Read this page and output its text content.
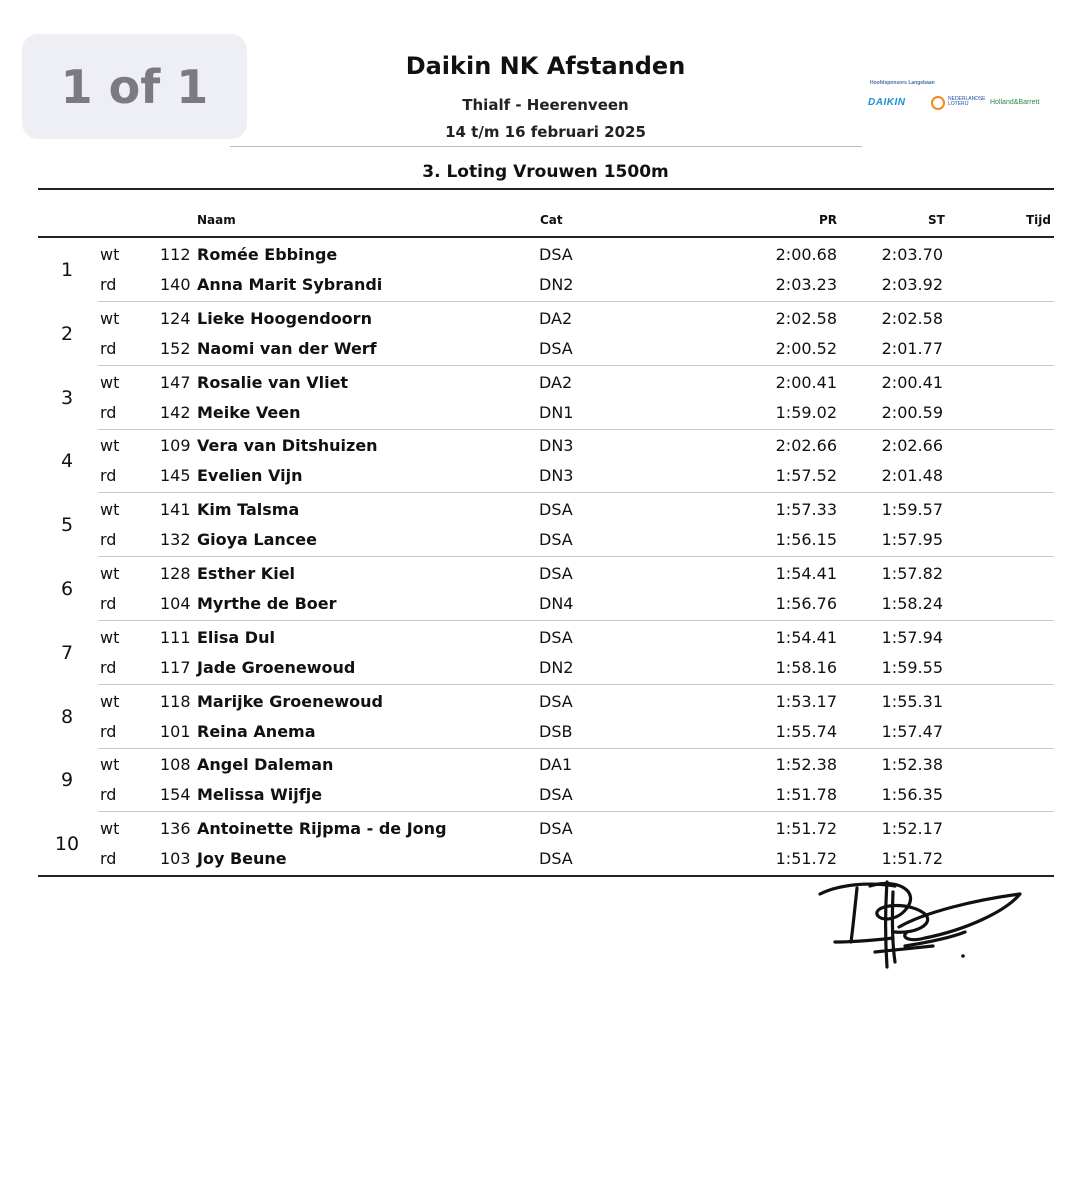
1 of 1	Daikin NK Afstanden
Thialf - Heerenveen
14 t/m 16 februari 2025
Hoofdsponsors Langebaan
DAIKIN	NEDERLANDSE LOTERIJ	Holland&Barrett
3. Loting Vrouwen 1500m
Naam	Cat	PR	ST	Tijd
1
wt	112 Romée Ebbinge	DSA	2:00.68	2:03.70
rd	140 Anna Marit Sybrandi	DN2	2:03.23	2:03.92
2
wt	124 Lieke Hoogendoorn	DA2	2:02.58	2:02.58
rd	152 Naomi van der Werf	DSA	2:00.52	2:01.77
3
wt	147 Rosalie van Vliet	DA2	2:00.41	2:00.41
rd	142 Meike Veen	DN1	1:59.02	2:00.59
4
wt	109 Vera van Ditshuizen	DN3	2:02.66	2:02.66
rd	145 Evelien Vijn	DN3	1:57.52	2:01.48
5
wt	141 Kim Talsma	DSA	1:57.33	1:59.57
rd	132 Gioya Lancee	DSA	1:56.15	1:57.95
6
wt	128 Esther Kiel	DSA	1:54.41	1:57.82
rd	104 Myrthe de Boer	DN4	1:56.76	1:58.24
7
wt	111 Elisa Dul	DSA	1:54.41	1:57.94
rd	117 Jade Groenewoud	DN2	1:58.16	1:59.55
8
wt	118 Marijke Groenewoud	DSA	1:53.17	1:55.31
rd	101 Reina Anema	DSB	1:55.74	1:57.47
9
wt	108 Angel Daleman	DA1	1:52.38	1:52.38
rd	154 Melissa Wijfje	DSA	1:51.78	1:56.35
10
wt	136 Antoinette Rijpma - de Jong	DSA	1:51.72	1:52.17
rd	103 Joy Beune	DSA	1:51.72	1:51.72
